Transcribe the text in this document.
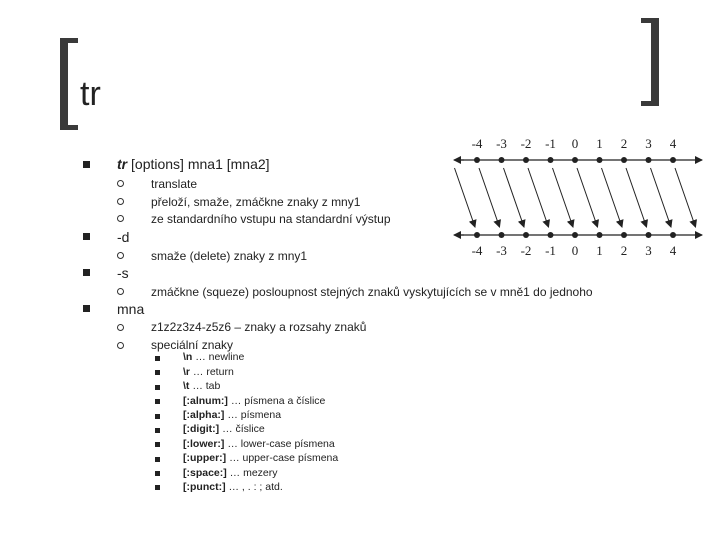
tr
tr [options] mna1 [mna2]
translate
přeloží, smaže, zmáčkne znaky z mny1
ze standardního vstupu na standardní výstup
-d
smaže (delete) znaky z mny1
-s
zmáčkne (squeze) posloupnost stejných znaků vyskytujících se v mně1 do jednoho
mna
z1z2z3z4-z5z6 – znaky a rozsahy znaků
speciální znaky
\n … newline
\r … return
\t … tab
[:alnum:] … písmena a číslice
[:alpha:] … písmena
[:digit:] … číslice
[:lower:] … lower-case písmena
[:upper:] … upper-case písmena
[:space:] … mezery
[:punct:] … , . : ; atd.
-4 -3 -2 -1 0 1 2 3 4
-4 -3 -2 -1 0 1 2 3 4
